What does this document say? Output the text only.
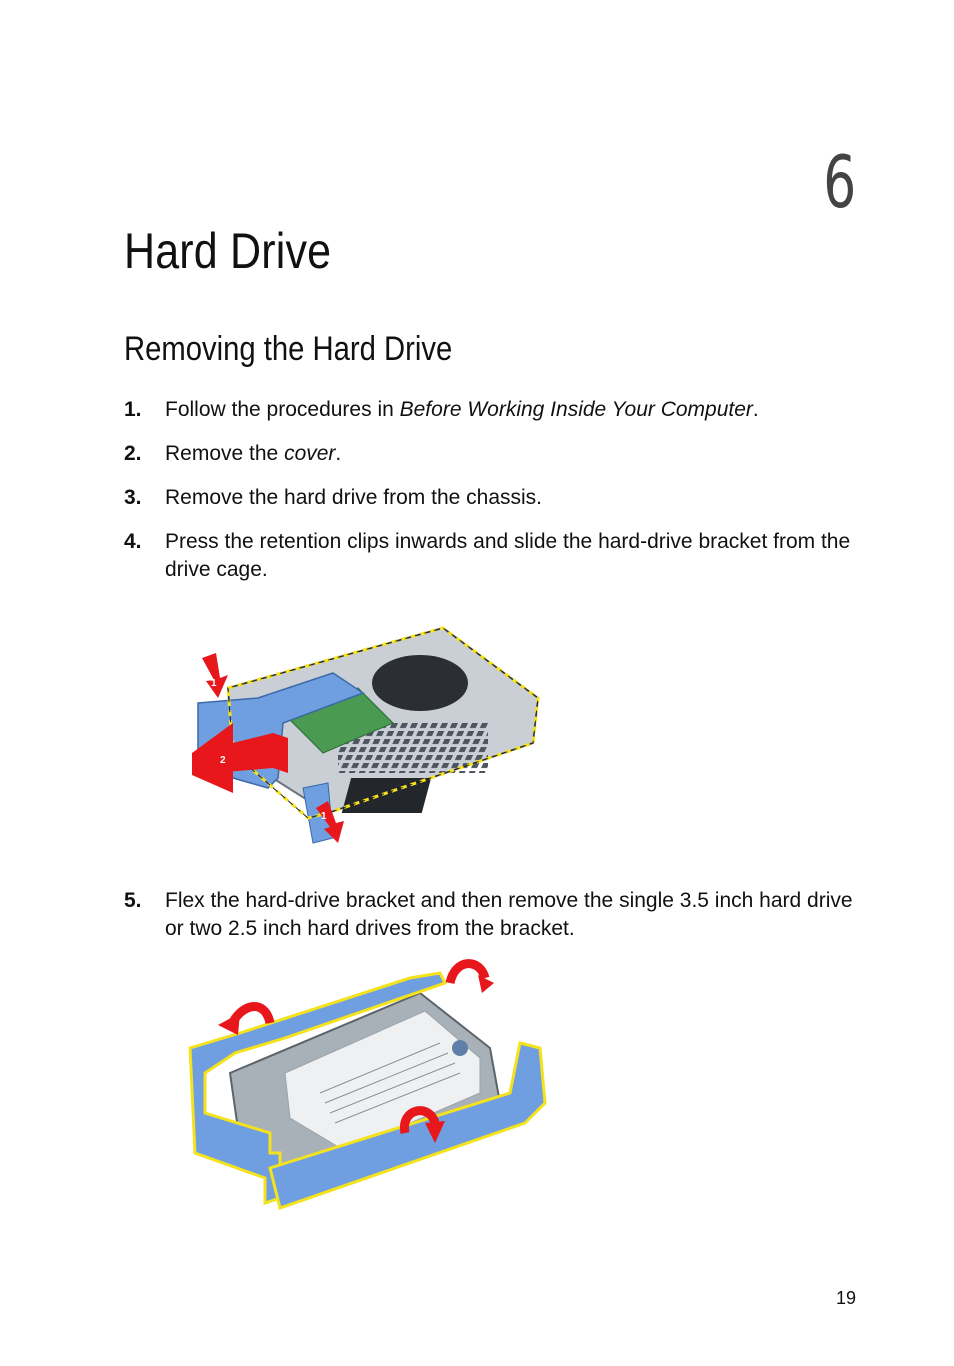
6
Hard Drive
Removing the Hard Drive
1. Follow the procedures in Before Working Inside Your Computer.
2. Remove the cover.
3. Remove the hard drive from the chassis.
4. Press the retention clips inwards and slide the hard-drive bracket from the drive cage.
1
2
1
5. Flex the hard-drive bracket and then remove the single 3.5 inch hard drive or two 2.5 inch hard drives from the bracket.
19
